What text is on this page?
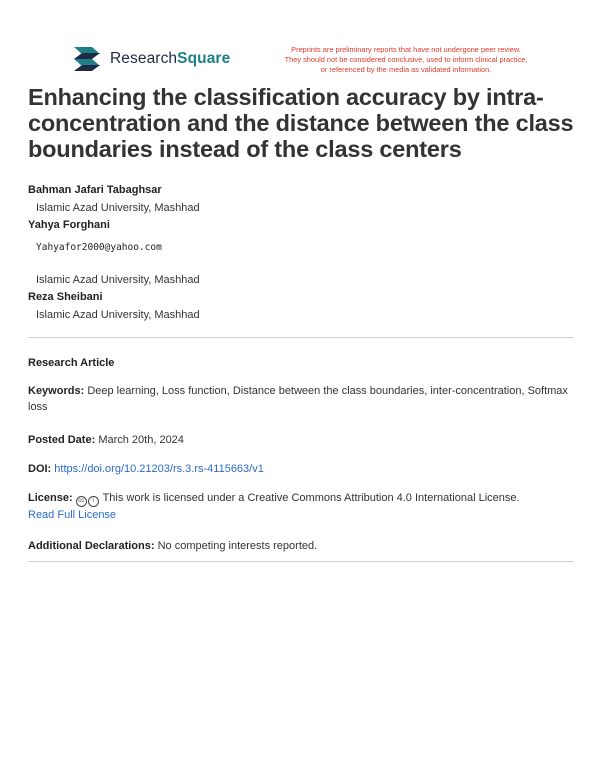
ResearchSquare
Preprints are preliminary reports that have not undergone peer review.
They should not be considered conclusive, used to inform clinical practice,
or referenced by the media as validated information.
Enhancing the classification accuracy by intra-concentration and the distance between the class boundaries instead of the class centers
Bahman Jafari Tabaghsar
Islamic Azad University, Mashhad
Yahya Forghani
Yahyafor2000@yahoo.com
Islamic Azad University, Mashhad
Reza Sheibani
Islamic Azad University, Mashhad
Research Article
Keywords: Deep learning, Loss function, Distance between the class boundaries, inter-concentration, Softmax loss
Posted Date: March 20th, 2024
DOI: https://doi.org/10.21203/rs.3.rs-4115663/v1
License: cc i This work is licensed under a Creative Commons Attribution 4.0 International License.
Read Full License
Additional Declarations: No competing interests reported.
